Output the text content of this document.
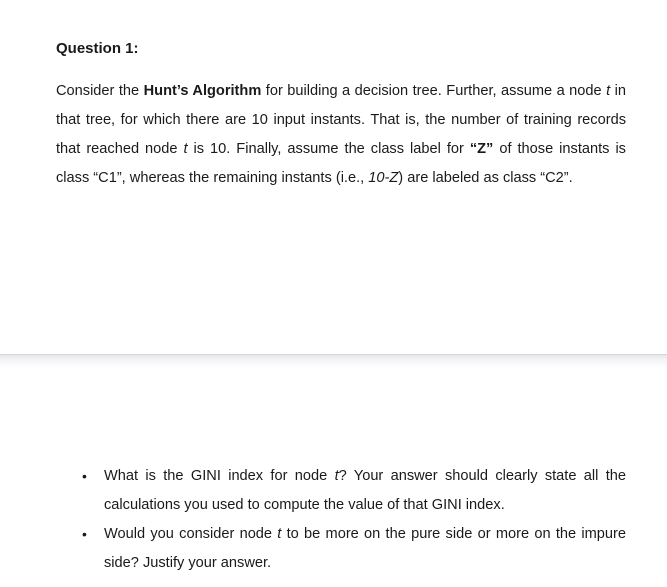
Question 1:

Consider the Hunt’s Algorithm for building a decision tree. Further, assume a node t in that tree, for which there are 10 input instants. That is, the number of training records that reached node t is 10. Finally, assume the class label for “Z” of those instants is class “C1”, whereas the remaining instants (i.e., 10-Z) are labeled as class “C2”.

• What is the GINI index for node t? Your answer should clearly state all the calculations you used to compute the value of that GINI index.
• Would you consider node t to be more on the pure side or more on the impure side? Justify your answer.
